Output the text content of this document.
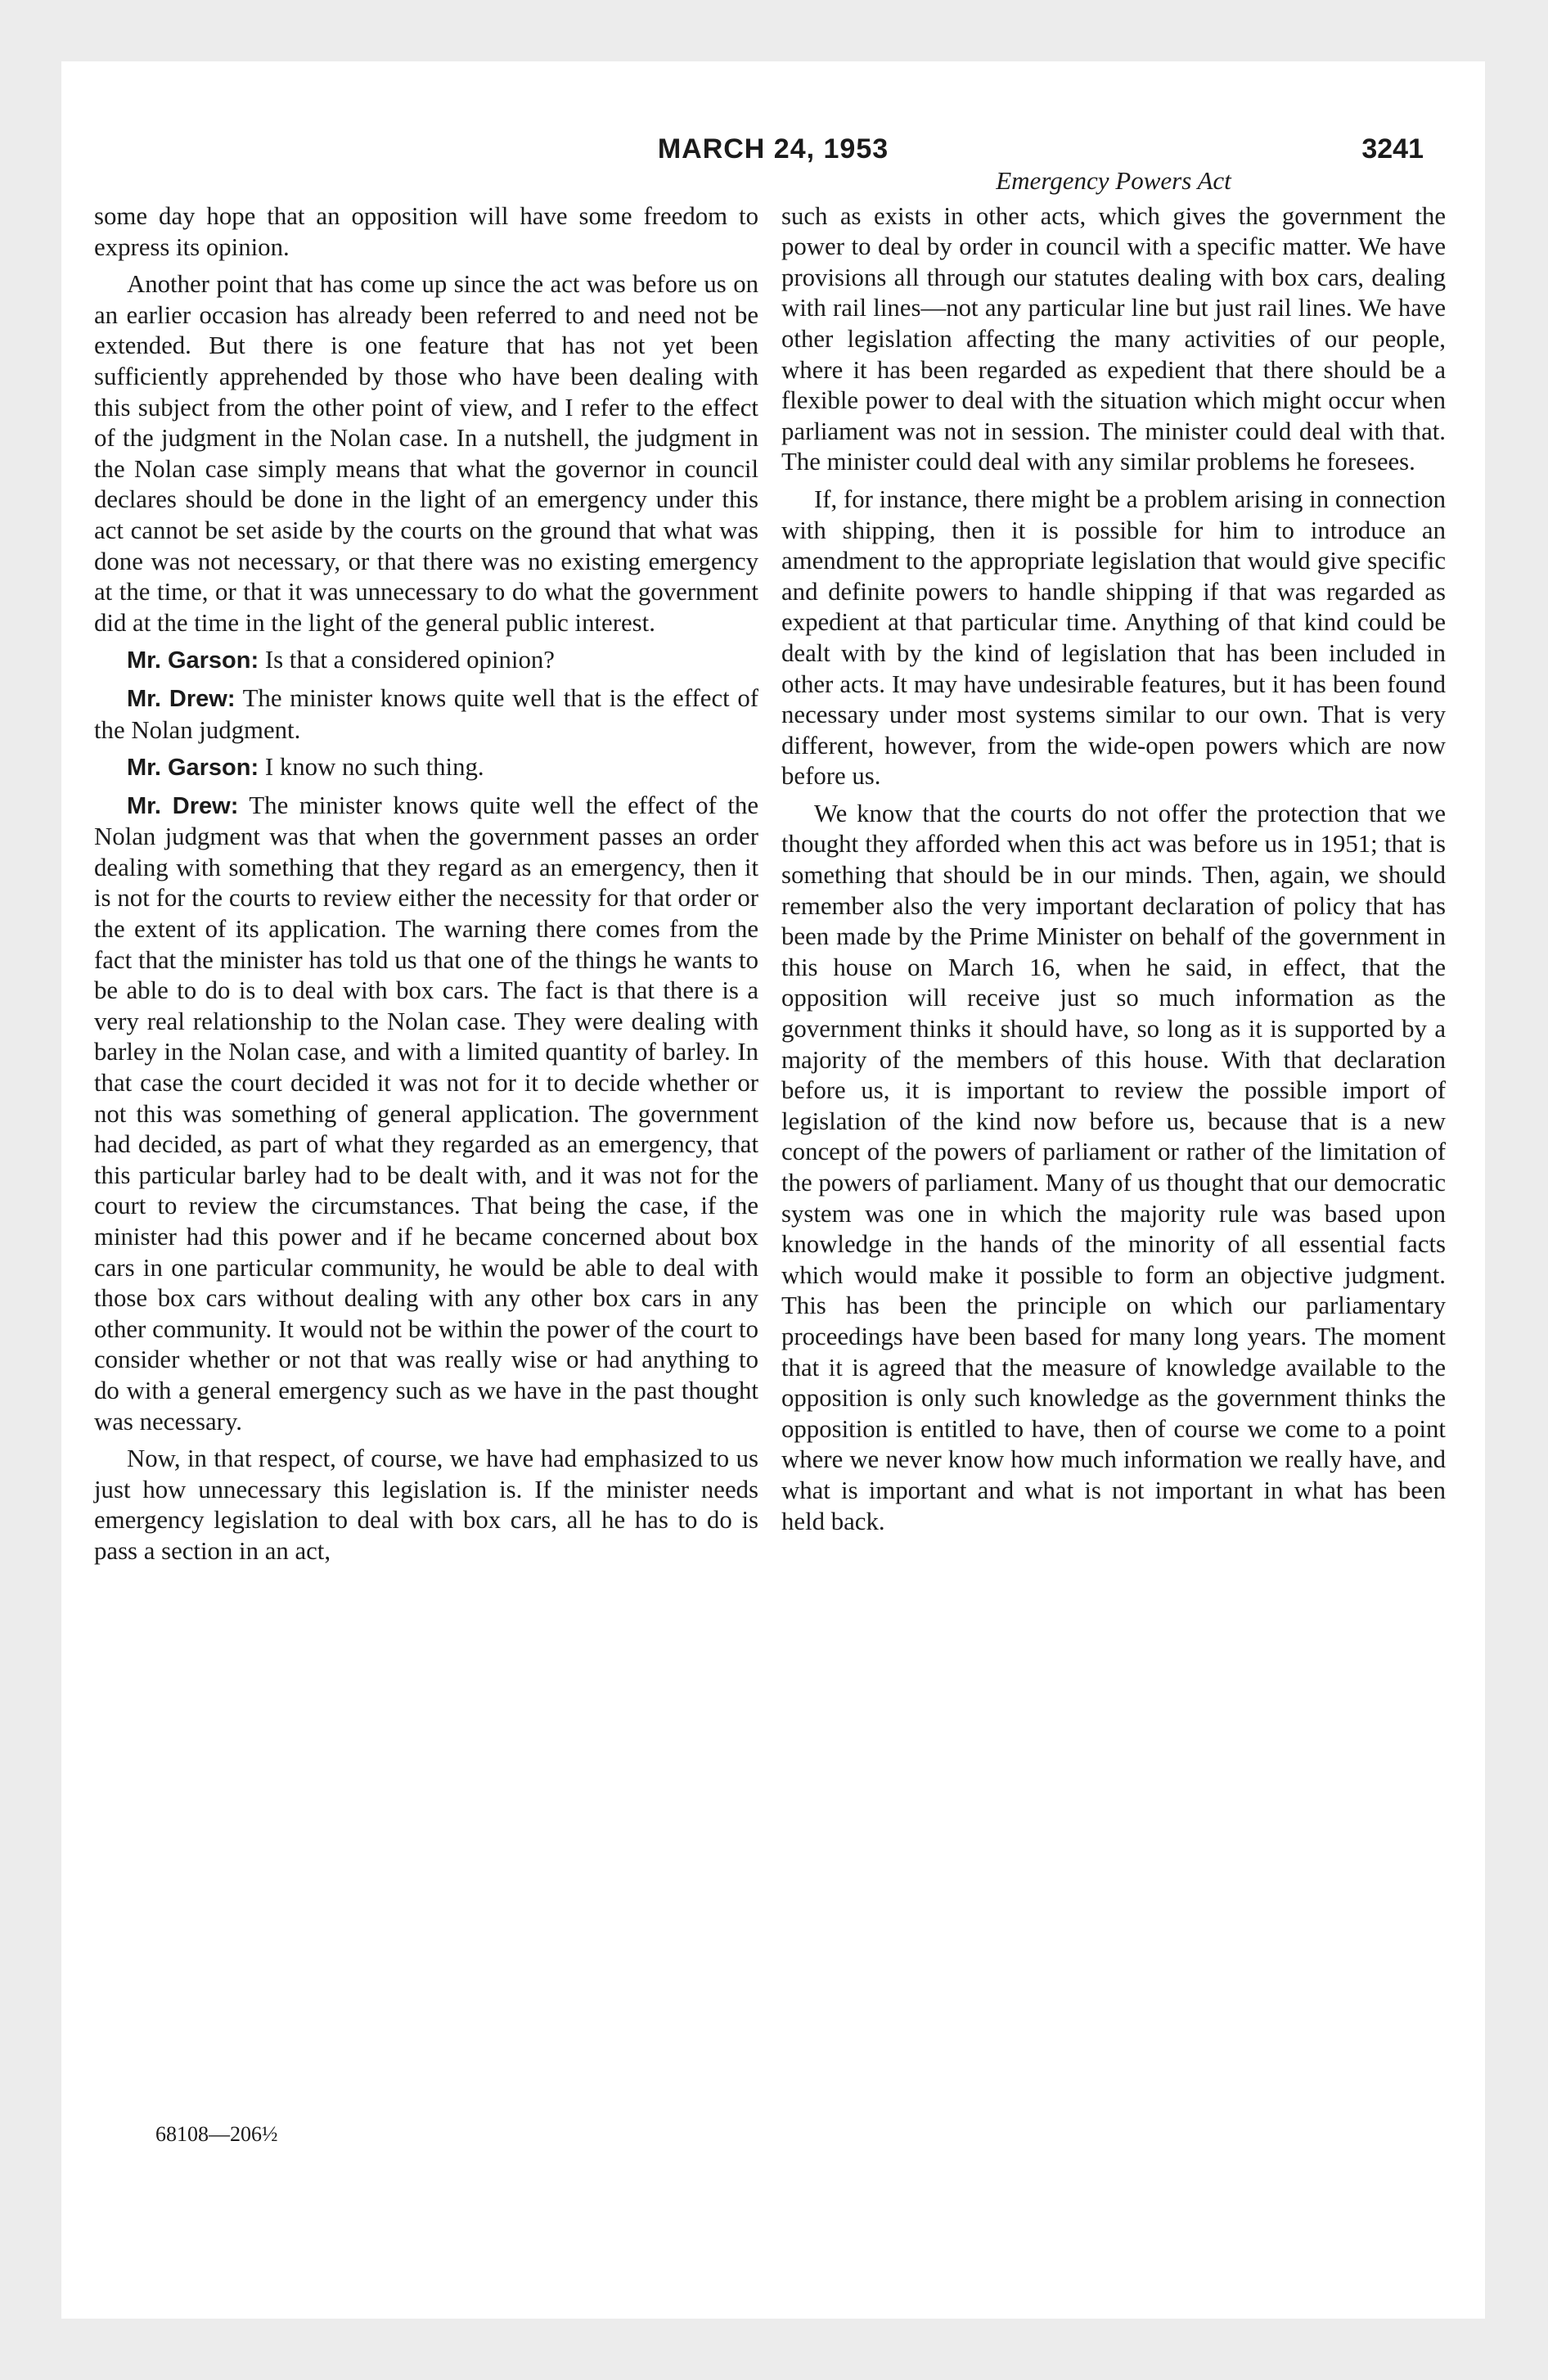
MARCH 24, 1953	3241

some day hope that an opposition will have some freedom to express its opinion.

Another point that has come up since the act was before us on an earlier occasion has already been referred to and need not be extended. But there is one feature that has not yet been sufficiently apprehended by those who have been dealing with this subject from the other point of view, and I refer to the effect of the judgment in the Nolan case. In a nutshell, the judgment in the Nolan case simply means that what the governor in council declares should be done in the light of an emergency under this act cannot be set aside by the courts on the ground that what was done was not necessary, or that there was no existing emergency at the time, or that it was unnecessary to do what the government did at the time in the light of the general public interest.

Mr. Garson: Is that a considered opinion?

Mr. Drew: The minister knows quite well that is the effect of the Nolan judgment.

Mr. Garson: I know no such thing.

Mr. Drew: The minister knows quite well the effect of the Nolan judgment was that when the government passes an order dealing with something that they regard as an emergency, then it is not for the courts to review either the necessity for that order or the extent of its application. The warning there comes from the fact that the minister has told us that one of the things he wants to be able to do is to deal with box cars. The fact is that there is a very real relationship to the Nolan case. They were dealing with barley in the Nolan case, and with a limited quantity of barley. In that case the court decided it was not for it to decide whether or not this was something of general application. The government had decided, as part of what they regarded as an emergency, that this particular barley had to be dealt with, and it was not for the court to review the circumstances. That being the case, if the minister had this power and if he became concerned about box cars in one particular community, he would be able to deal with those box cars without dealing with any other box cars in any other community. It would not be within the power of the court to consider whether or not that was really wise or had anything to do with a general emergency such as we have in the past thought was necessary.

Now, in that respect, of course, we have had emphasized to us just how unnecessary this legislation is. If the minister needs emergency legislation to deal with box cars, all he has to do is pass a section in an act,

Emergency Powers Act

such as exists in other acts, which gives the government the power to deal by order in council with a specific matter. We have provisions all through our statutes dealing with box cars, dealing with rail lines—not any particular line but just rail lines. We have other legislation affecting the many activities of our people, where it has been regarded as expedient that there should be a flexible power to deal with the situation which might occur when parliament was not in session. The minister could deal with that. The minister could deal with any similar problems he foresees.

If, for instance, there might be a problem arising in connection with shipping, then it is possible for him to introduce an amendment to the appropriate legislation that would give specific and definite powers to handle shipping if that was regarded as expedient at that particular time. Anything of that kind could be dealt with by the kind of legislation that has been included in other acts. It may have undesirable features, but it has been found necessary under most systems similar to our own. That is very different, however, from the wide-open powers which are now before us.

We know that the courts do not offer the protection that we thought they afforded when this act was before us in 1951; that is something that should be in our minds. Then, again, we should remember also the very important declaration of policy that has been made by the Prime Minister on behalf of the government in this house on March 16, when he said, in effect, that the opposition will receive just so much information as the government thinks it should have, so long as it is supported by a majority of the members of this house. With that declaration before us, it is important to review the possible import of legislation of the kind now before us, because that is a new concept of the powers of parliament or rather of the limitation of the powers of parliament. Many of us thought that our democratic system was one in which the majority rule was based upon knowledge in the hands of the minority of all essential facts which would make it possible to form an objective judgment. This has been the principle on which our parliamentary proceedings have been based for many long years. The moment that it is agreed that the measure of knowledge available to the opposition is only such knowledge as the government thinks the opposition is entitled to have, then of course we come to a point where we never know how much information we really have, and what is important and what is not important in what has been held back.

68108—206½
